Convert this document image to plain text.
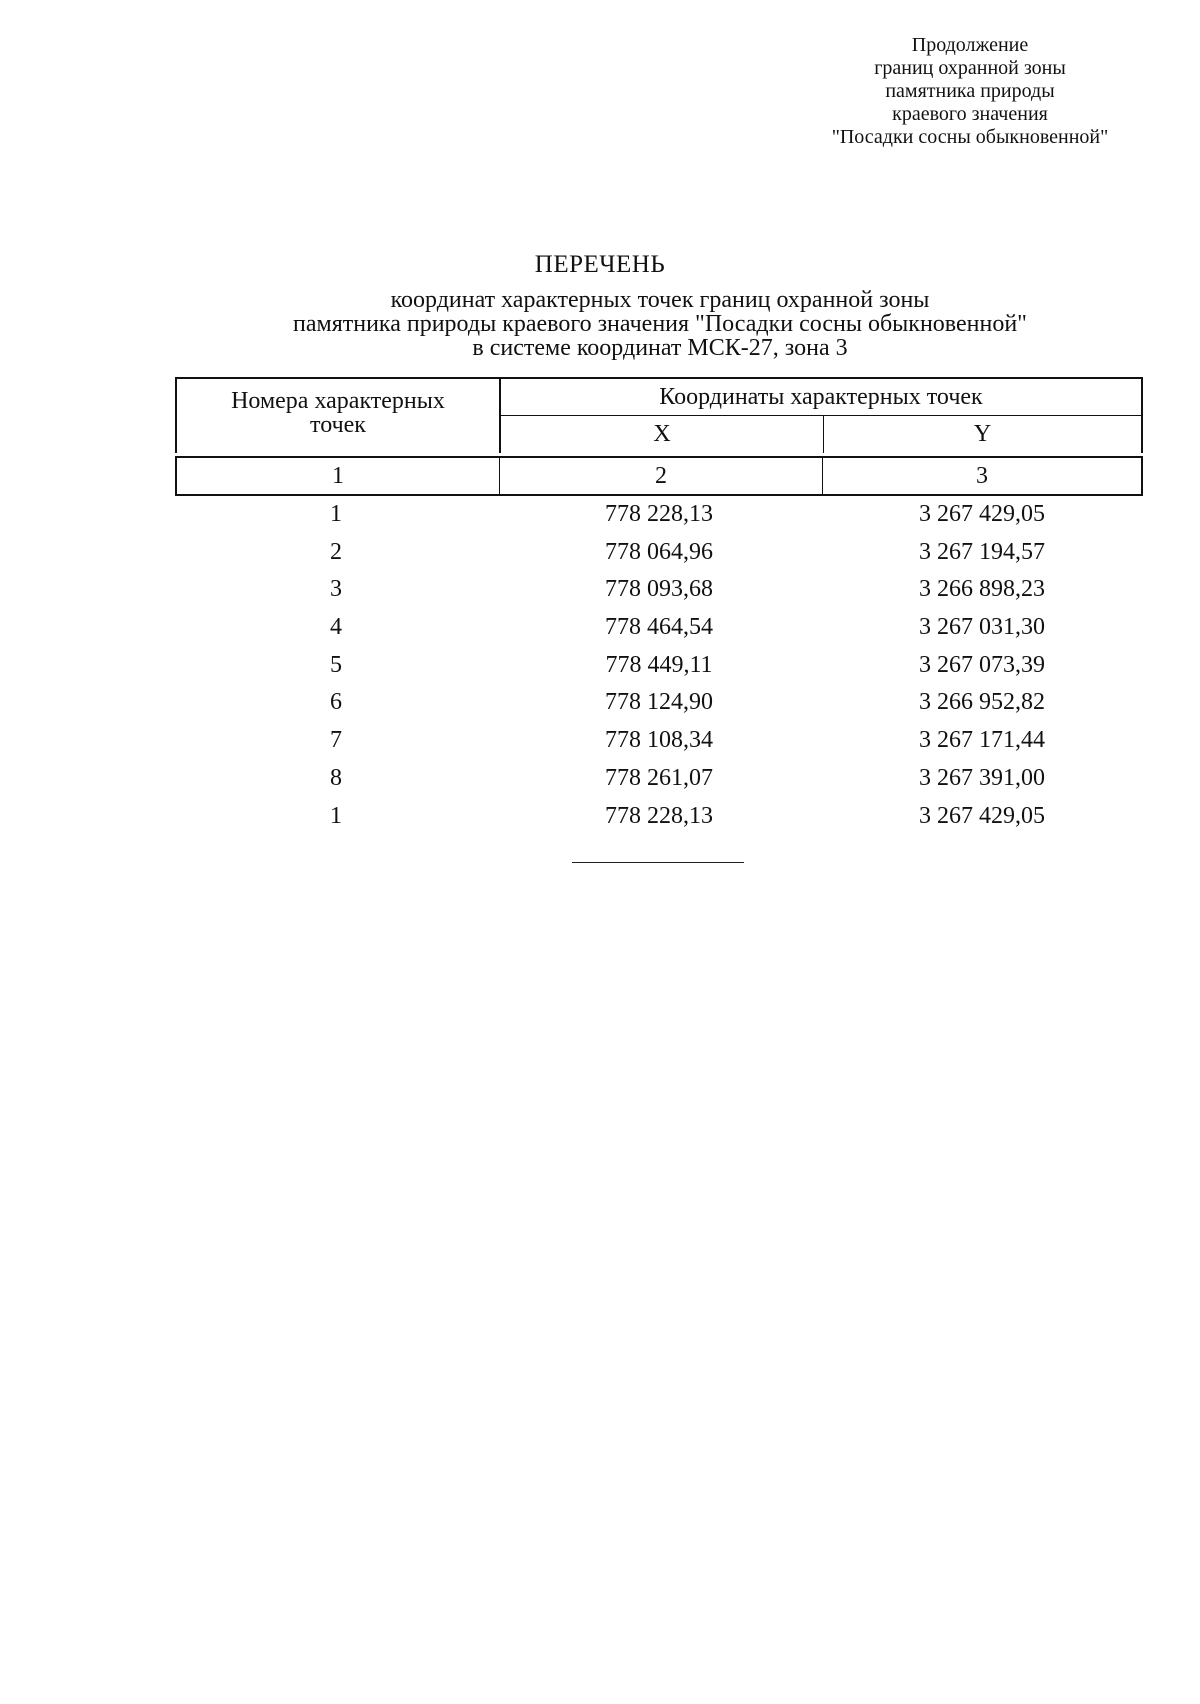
Продолжение
границ охранной зоны
памятника природы
краевого значения
"Посадки сосны обыкновенной"
ПЕРЕЧЕНЬ
координат характерных точек границ охранной зоны
памятника природы краевого значения "Посадки сосны обыкновенной"
в системе координат МСК-27, зона 3
Номера характерных
точек
Координаты характерных точек
X	Y
1	2	3
1	778 228,13	3 267 429,05
2	778 064,96	3 267 194,57
3	778 093,68	3 266 898,23
4	778 464,54	3 267 031,30
5	778 449,11	3 267 073,39
6	778 124,90	3 266 952,82
7	778 108,34	3 267 171,44
8	778 261,07	3 267 391,00
1	778 228,13	3 267 429,05
